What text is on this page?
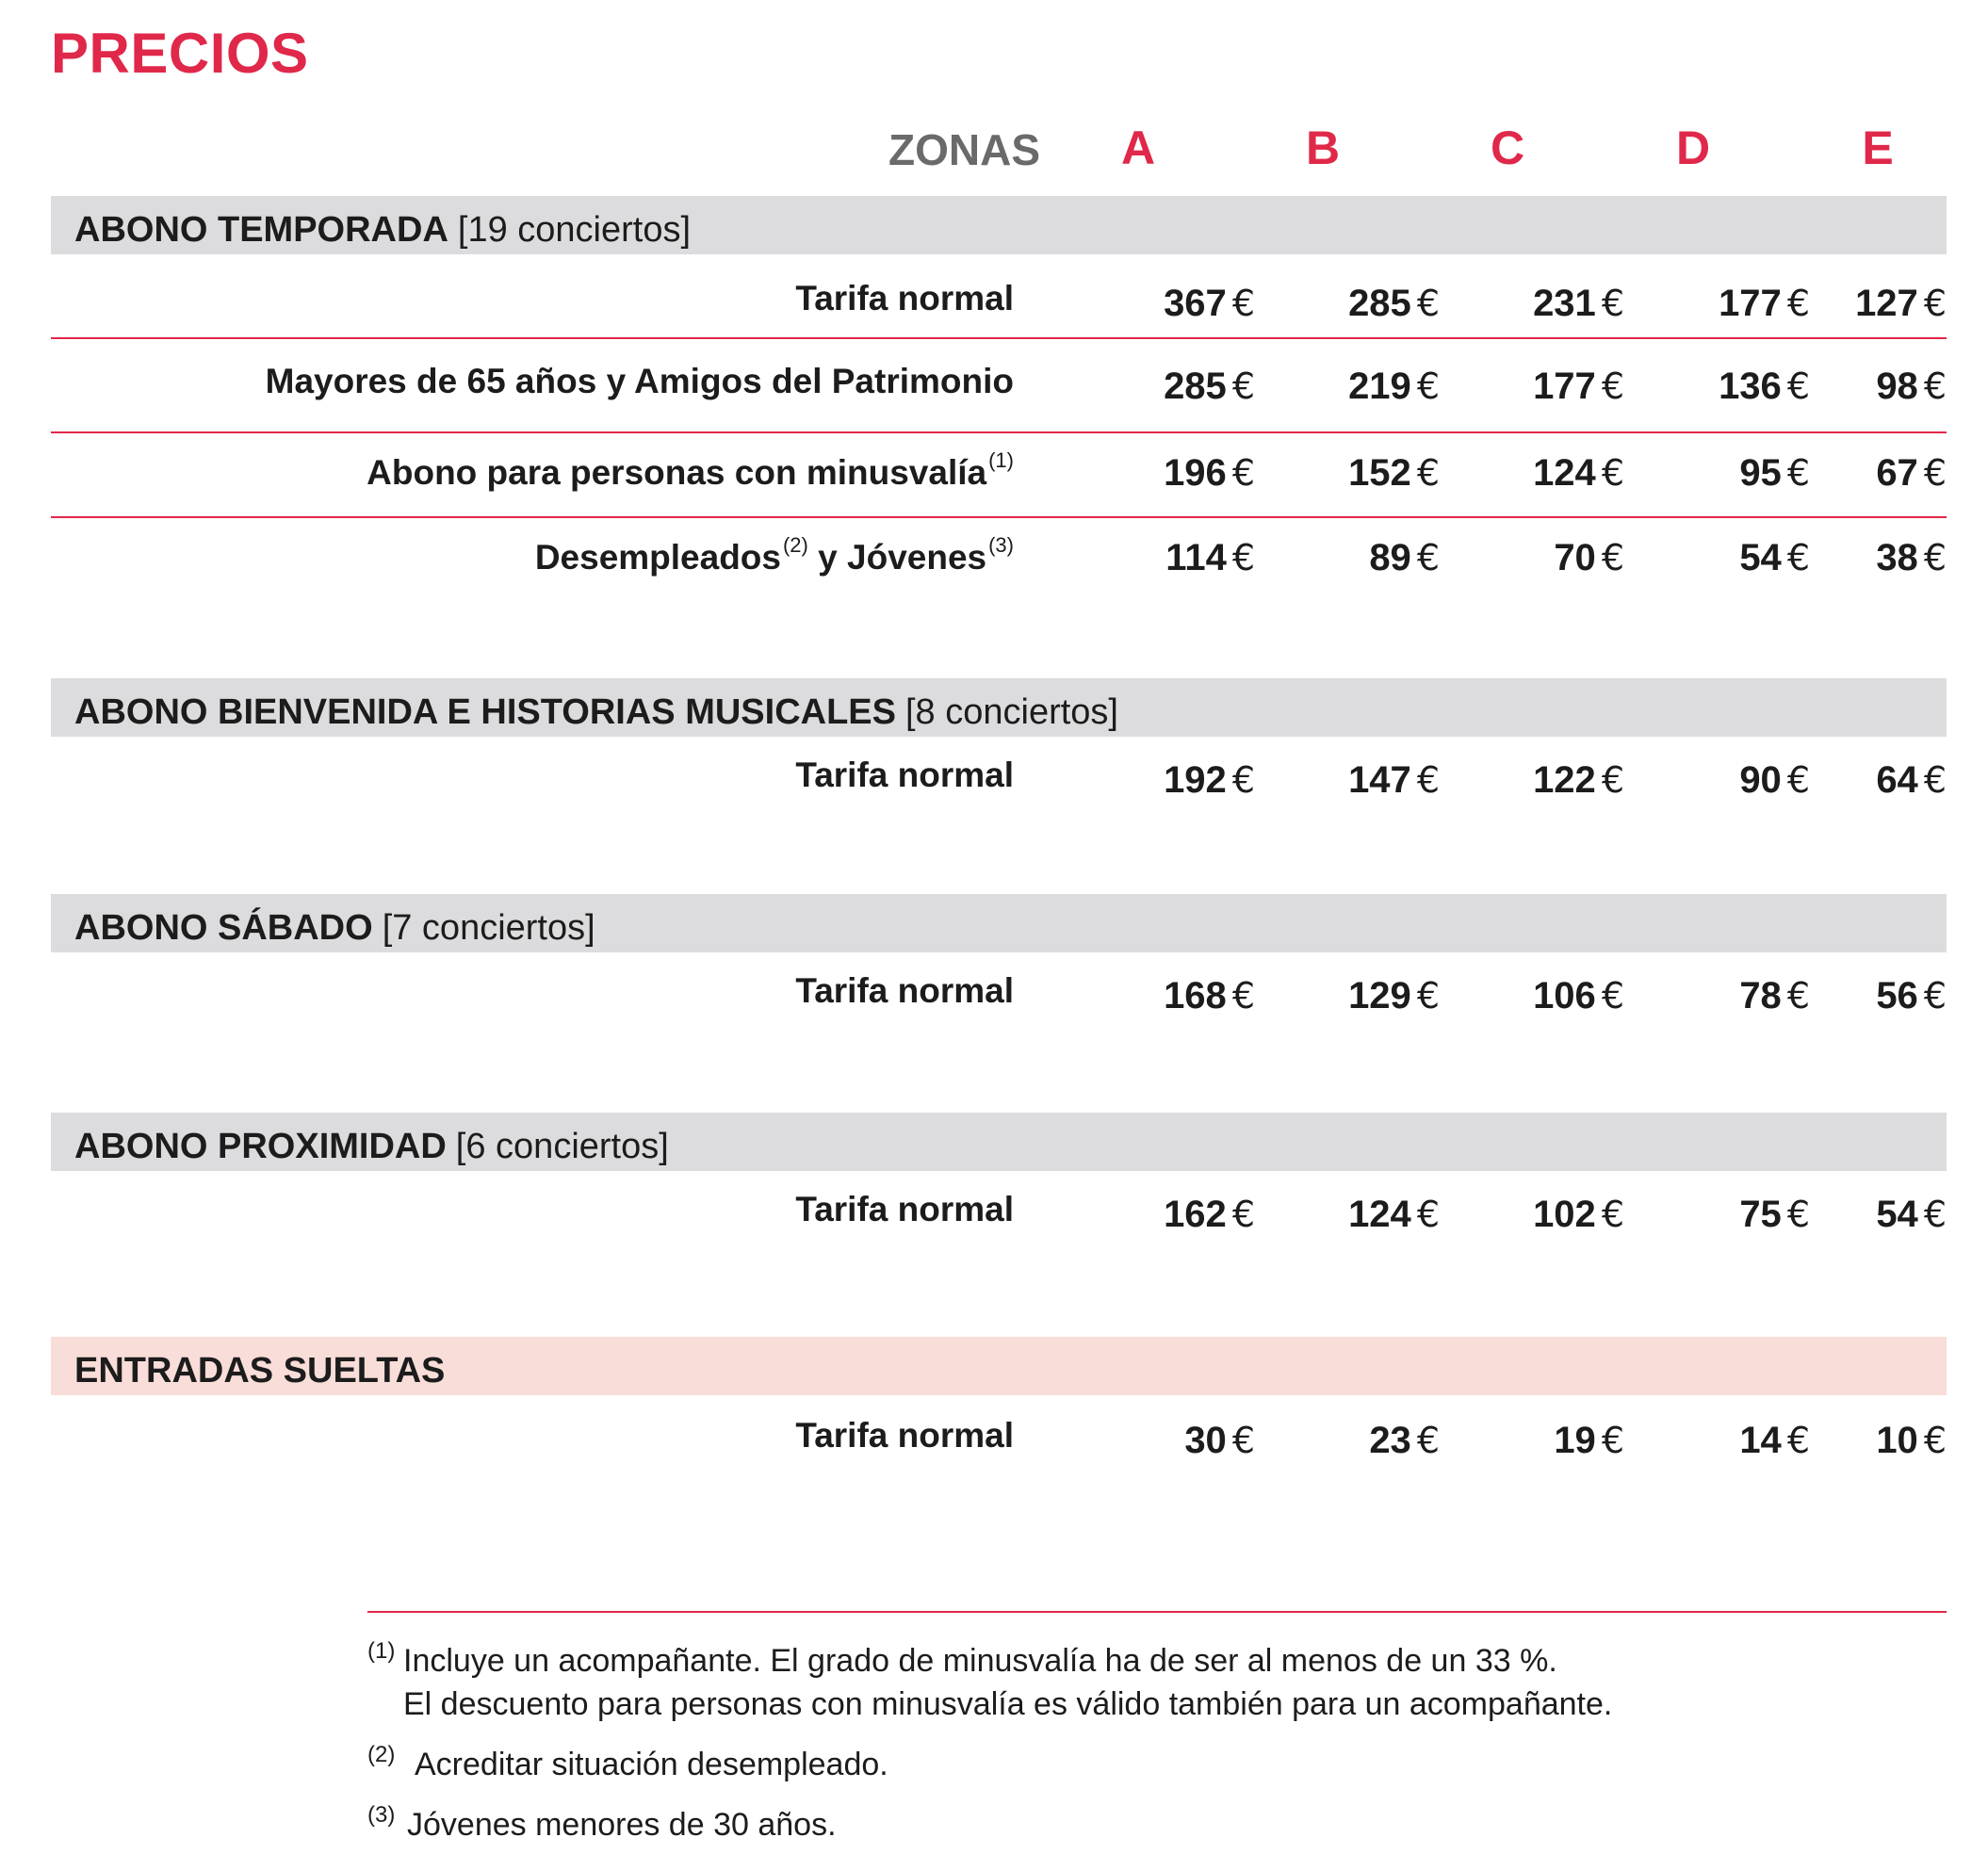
PRECIOS
ZONAS	A	B	C	D	E
ABONO TEMPORADA [19 conciertos]
Tarifa normal	367 €	285 €	231 €	177 €	127 €
Mayores de 65 años y Amigos del Patrimonio	285 €	219 €	177 €	136 €	98 €
Abono para personas con minusvalía$^{(1)}$	196 €	152 €	124 €	95 €	67 €
Desempleados$^{(2)}$ y Jóvenes$^{(3)}$	114 €	89 €	70 €	54 €	38 €
ABONO BIENVENIDA E HISTORIAS MUSICALES [8 conciertos]
Tarifa normal	192 €	147 €	122 €	90 €	64 €
ABONO SÁBADO [7 conciertos]
Tarifa normal	168 €	129 €	106 €	78 €	56 €
ABONO PROXIMIDAD [6 conciertos]
Tarifa normal	162 €	124 €	102 €	75 €	54 €
ENTRADAS SUELTAS
Tarifa normal	30 €	23 €	19 €	14 €	10 €
(1) Incluye un acompañante. El grado de minusvalía ha de ser al menos de un 33 %.
El descuento para personas con minusvalía es válido también para un acompañante.
(2) Acreditar situación desempleado.
(3) Jóvenes menores de 30 años.
